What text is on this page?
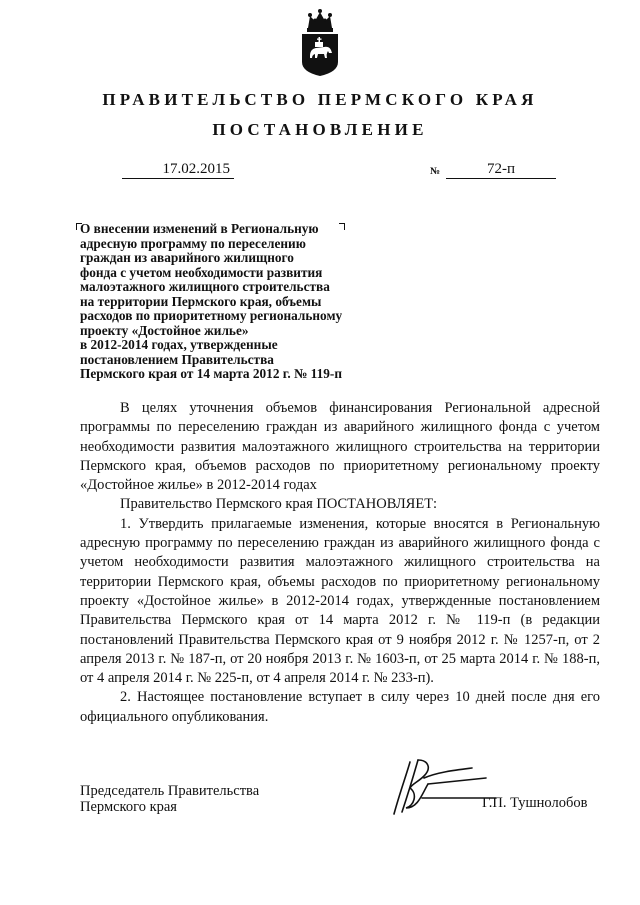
ПРАВИТЕЛЬСТВО ПЕРМСКОГО КРАЯ
ПОСТАНОВЛЕНИЕ
17.02.2015	№	72-п
О внесении изменений в Региональную
адресную программу по переселению
граждан из аварийного жилищного
фонда с учетом необходимости развития
малоэтажного жилищного строительства
на территории Пермского края, объемы
расходов по приоритетному региональному
проекту «Достойное жилье»
в 2012-2014 годах, утвержденные
постановлением Правительства
Пермского края от 14 марта 2012 г. № 119-п

В целях уточнения объемов финансирования Региональной адресной программы по переселению граждан из аварийного жилищного фонда с учетом необходимости развития малоэтажного жилищного строительства на территории Пермского края, объемов расходов по приоритетному региональному проекту «Достойное жилье» в 2012-2014 годах

Правительство Пермского края ПОСТАНОВЛЯЕТ:

1. Утвердить прилагаемые изменения, которые вносятся в Региональную адресную программу по переселению граждан из аварийного жилищного фонда с учетом необходимости развития малоэтажного жилищного строительства на территории Пермского края, объемы расходов по приоритетному региональному проекту «Достойное жилье» в 2012-2014 годах, утвержденные постановлением Правительства Пермского края от 14 марта 2012 г. № 119-п (в редакции постановлений Правительства Пермского края от 9 ноября 2012 г. № 1257-п, от 2 апреля 2013 г. № 187-п, от 20 ноября 2013 г. № 1603-п, от 25 марта 2014 г. № 188-п, от 4 апреля 2014 г. № 225-п, от 4 апреля 2014 г. № 233-п).

2. Настоящее постановление вступает в силу через 10 дней после дня его официального опубликования.

Председатель Правительства
Пермского края	Г.П. Тушнолобов
